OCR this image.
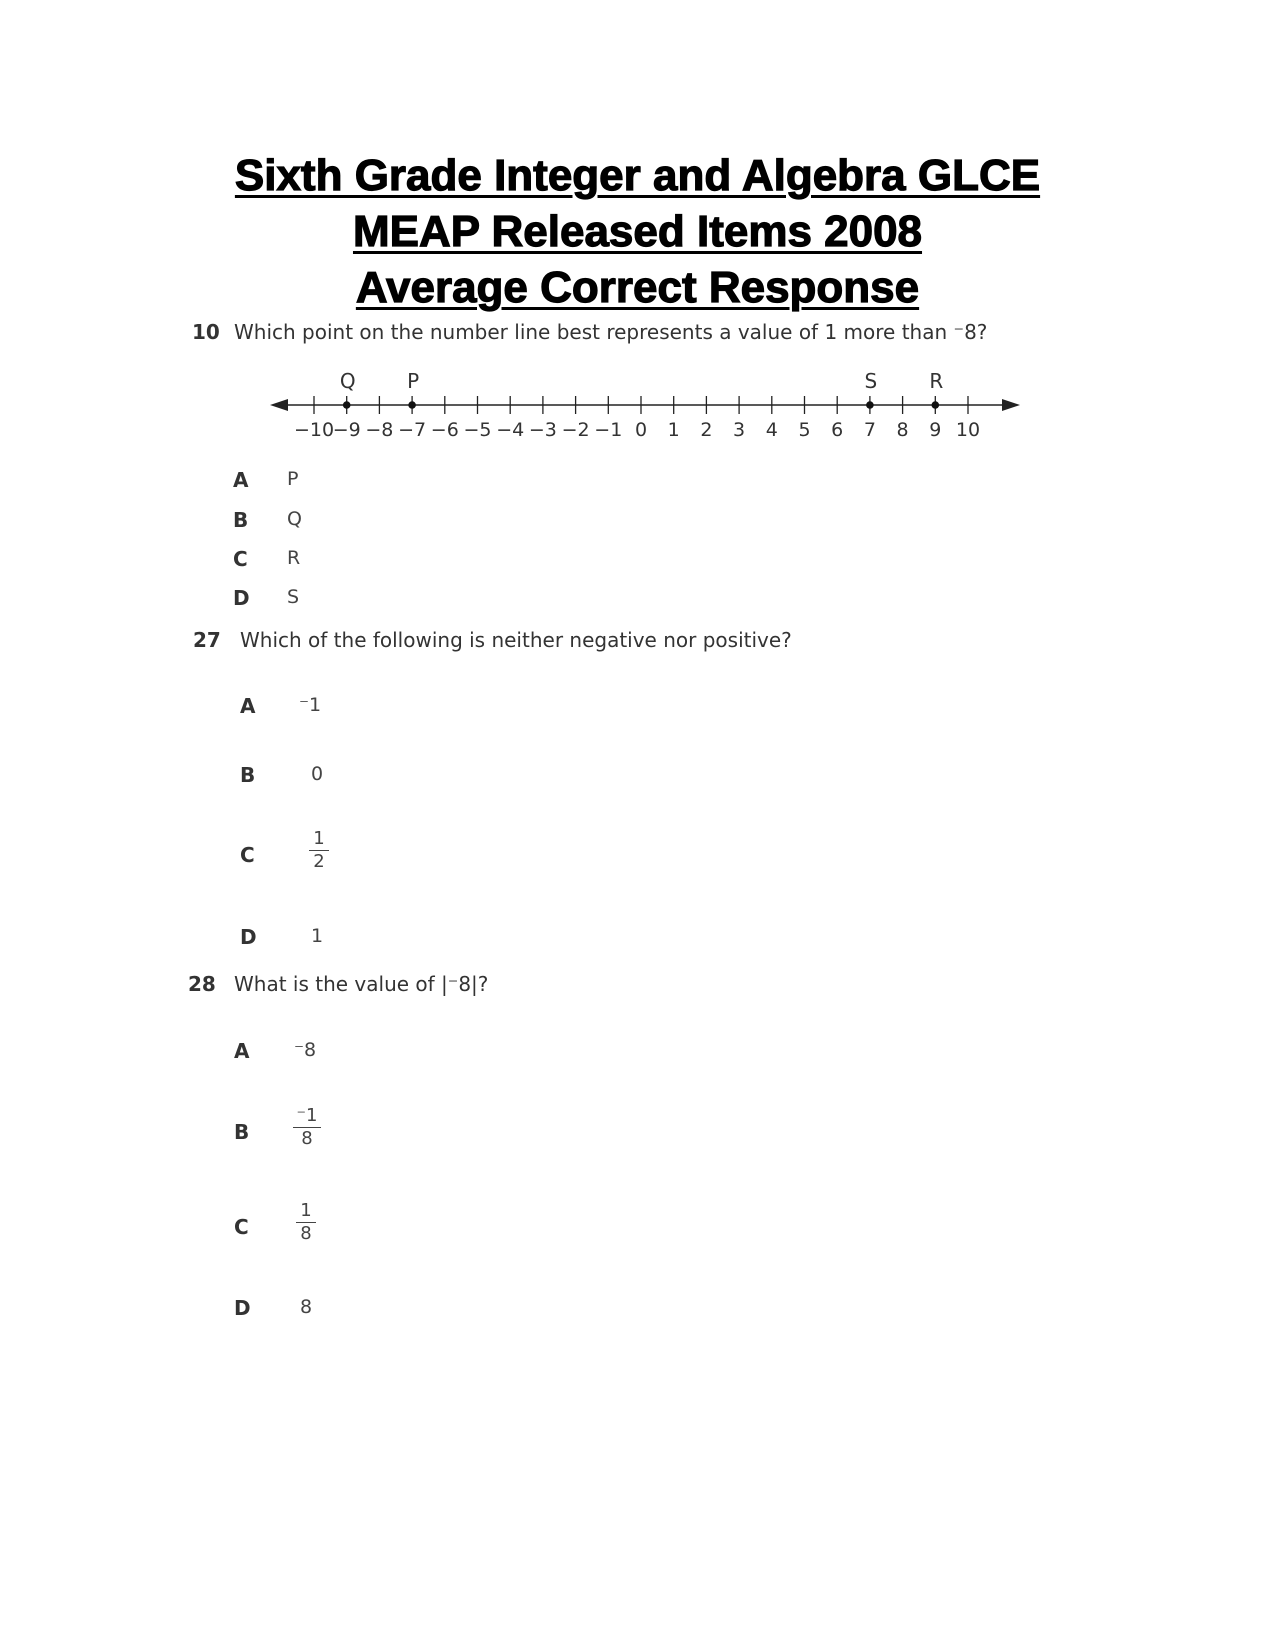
Sixth Grade Integer and Algebra GLCE
MEAP Released Items 2008
Average Correct Response
10 Which point on the number line best represents a value of 1 more than ⁻8?
−10
−9 −8 −7 −6 −5 −4 −3 −2 −1 0 1 2 3 4 5 6 7 8 9 10
Q	P	S	R
A P
B Q
C R
D S
27 Which of the following is neither negative nor positive?
A ⁻1
B	0
C
1
2
D	1
28 What is the value of |⁻8|?
A ⁻8
B
⁻1
8
C
1
8
D	8
